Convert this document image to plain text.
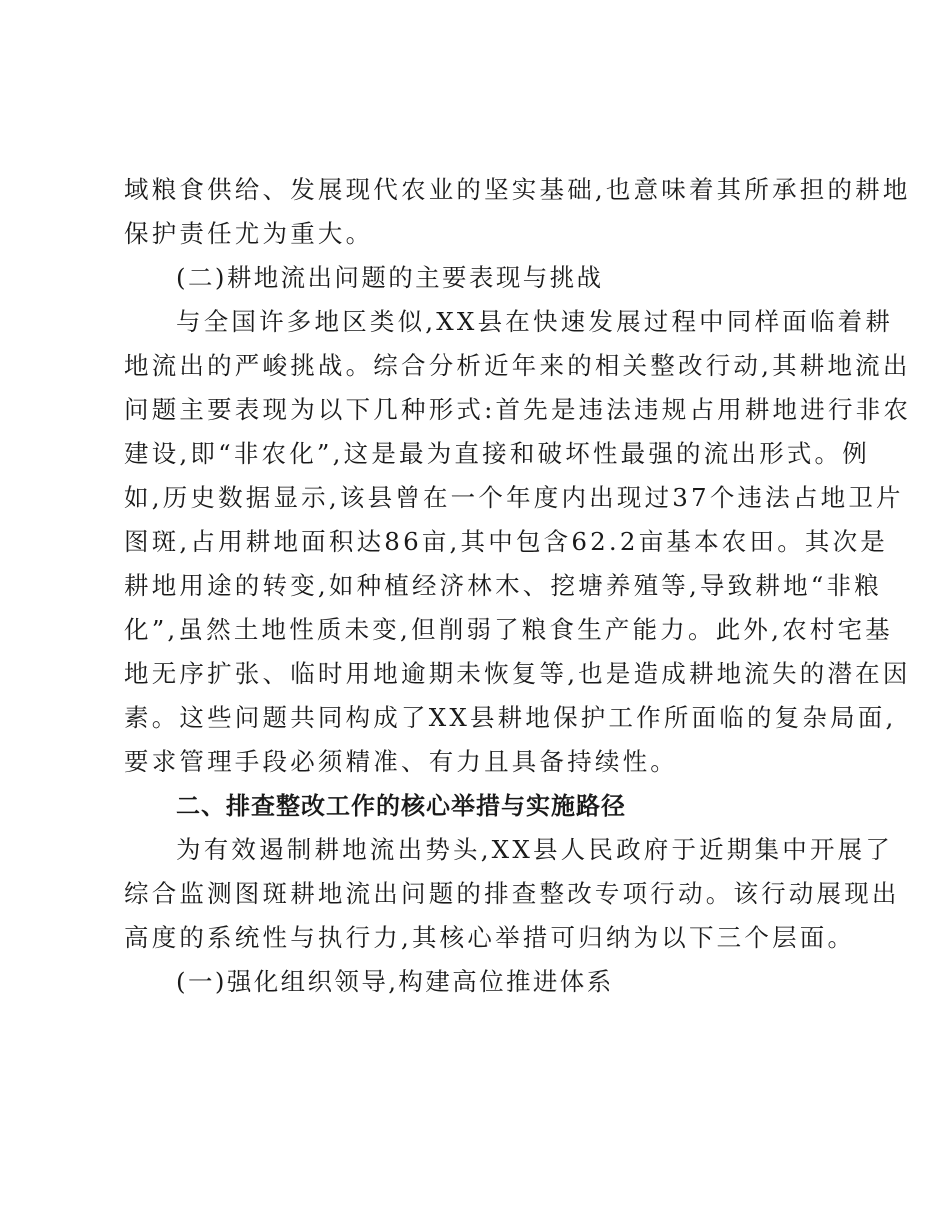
域粮食供给、发展现代农业的坚实基础,也意味着其所承担的耕地
保护责任尤为重大。
(二)耕地流出问题的主要表现与挑战
与全国许多地区类似,XX县在快速发展过程中同样面临着耕
地流出的严峻挑战。综合分析近年来的相关整改行动,其耕地流出
问题主要表现为以下几种形式:首先是违法违规占用耕地进行非农
建设,即“非农化”,这是最为直接和破坏性最强的流出形式。例
如,历史数据显示,该县曾在一个年度内出现过37个违法占地卫片
图斑,占用耕地面积达86亩,其中包含62.2亩基本农田。其次是
耕地用途的转变,如种植经济林木、挖塘养殖等,导致耕地“非粮
化”,虽然土地性质未变,但削弱了粮食生产能力。此外,农村宅基
地无序扩张、临时用地逾期未恢复等,也是造成耕地流失的潜在因
素。这些问题共同构成了XX县耕地保护工作所面临的复杂局面,
要求管理手段必须精准、有力且具备持续性。
二、排查整改工作的核心举措与实施路径
为有效遏制耕地流出势头,XX县人民政府于近期集中开展了
综合监测图斑耕地流出问题的排查整改专项行动。该行动展现出
高度的系统性与执行力,其核心举措可归纳为以下三个层面。
(一)强化组织领导,构建高位推进体系
